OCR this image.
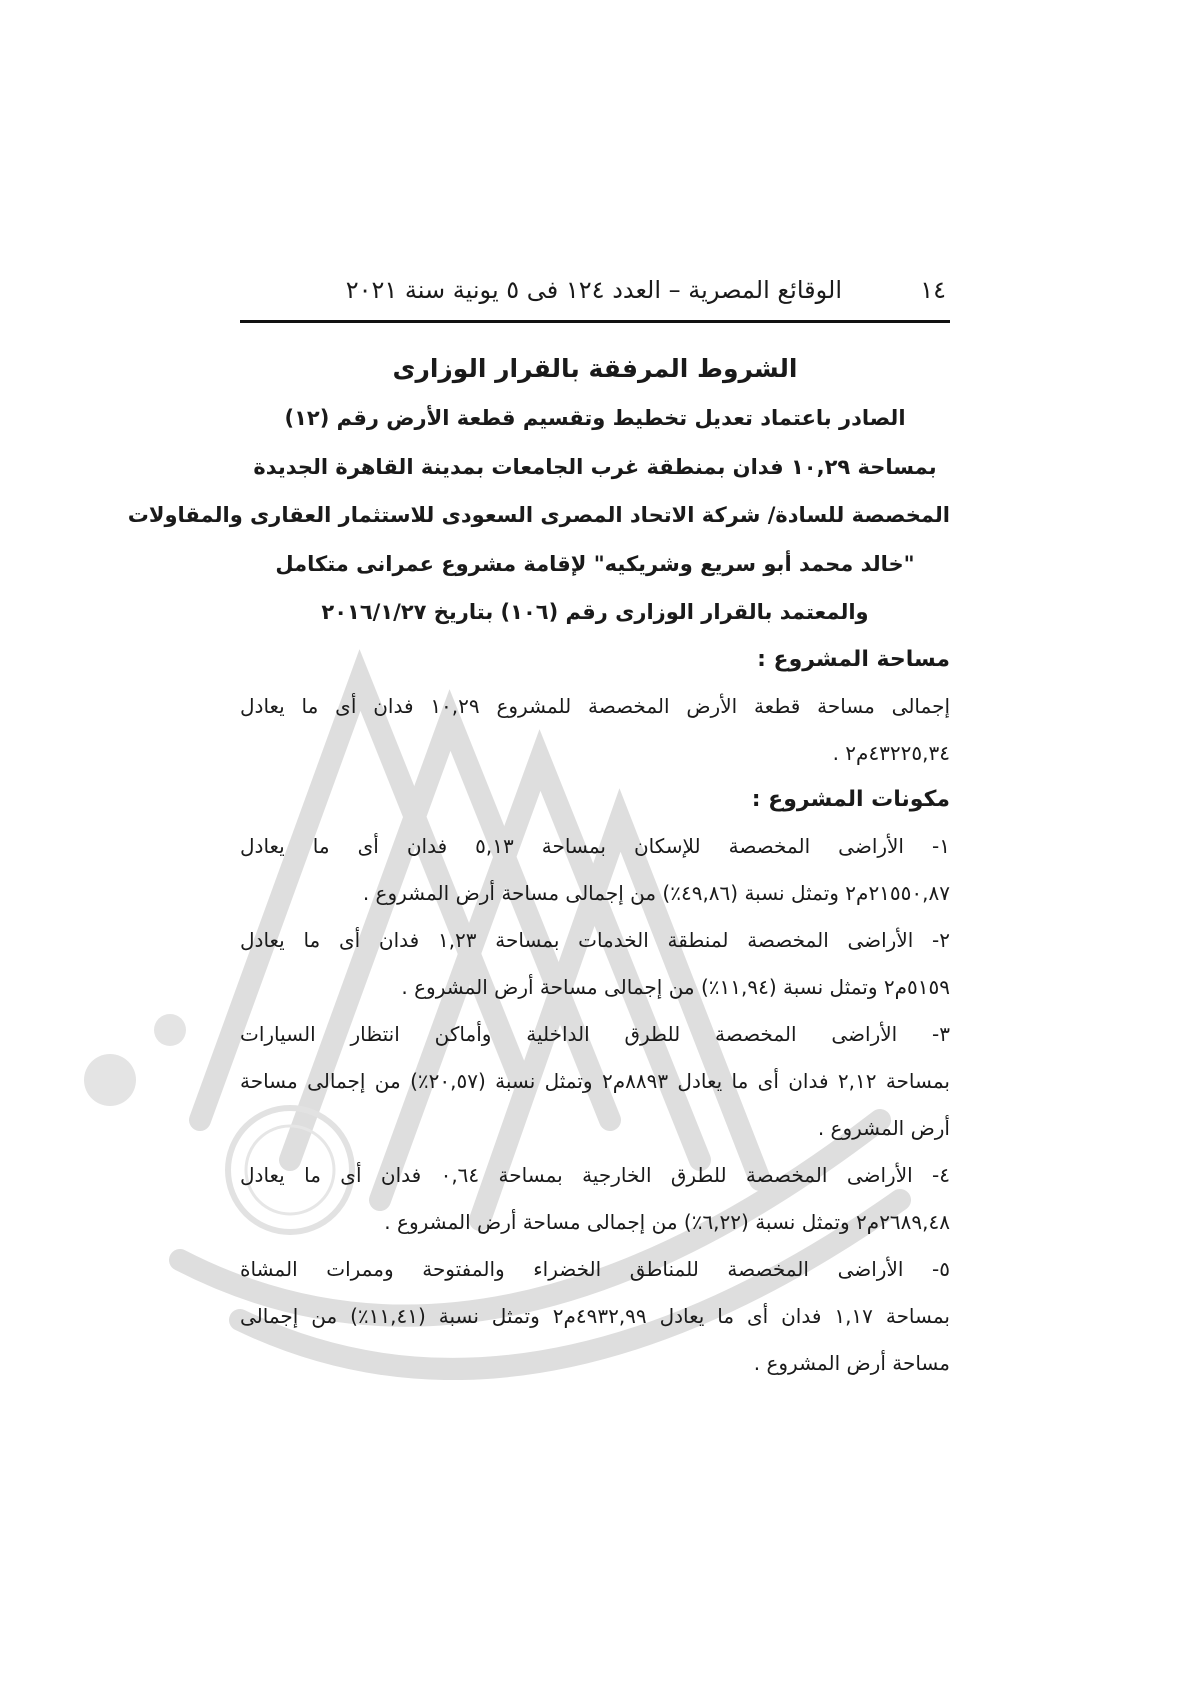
١٤
الوقائع المصرية – العدد ١٢٤ فى ٥ يونية سنة ٢٠٢١

الشروط المرفقة بالقرار الوزارى

الصادر باعتماد تعديل تخطيط وتقسيم قطعة الأرض رقم (١٢)

بمساحة ١٠,٢٩ فدان بمنطقة غرب الجامعات بمدينة القاهرة الجديدة

المخصصة للسادة/ شركة الاتحاد المصرى السعودى للاستثمار العقارى والمقاولات

"خالد محمد أبو سريع وشريكيه" لإقامة مشروع عمرانى متكامل

والمعتمد بالقرار الوزارى رقم (١٠٦) بتاريخ ٢٠١٦/١/٢٧

مساحة المشروع :

إجمالى مساحة قطعة الأرض المخصصة للمشروع ١٠,٢٩ فدان أى ما يعادل
٤٣٢٢٥,٣٤م٢ .

مكونات المشروع :

١- الأراضى المخصصة للإسكان بمساحة ٥,١٣ فدان أى ما يعادل
٢١٥٥٠,٨٧م٢ وتمثل نسبة (٤٩,٨٦٪) من إجمالى مساحة أرض المشروع .
٢- الأراضى المخصصة لمنطقة الخدمات بمساحة ١,٢٣ فدان أى ما يعادل
٥١٥٩م٢ وتمثل نسبة (١١,٩٤٪) من إجمالى مساحة أرض المشروع .
٣- الأراضى المخصصة للطرق الداخلية وأماكن انتظار السيارات
بمساحة ٢,١٢ فدان أى ما يعادل ٨٨٩٣م٢ وتمثل نسبة (٢٠,٥٧٪) من إجمالى مساحة
أرض المشروع .
٤- الأراضى المخصصة للطرق الخارجية بمساحة ٠,٦٤ فدان أى ما يعادل
٢٦٨٩,٤٨م٢ وتمثل نسبة (٦,٢٢٪) من إجمالى مساحة أرض المشروع .
٥- الأراضى المخصصة للمناطق الخضراء والمفتوحة وممرات المشاة
بمساحة ١,١٧ فدان أى ما يعادل ٤٩٣٢,٩٩م٢ وتمثل نسبة (١١,٤١٪) من إجمالى
مساحة أرض المشروع .
